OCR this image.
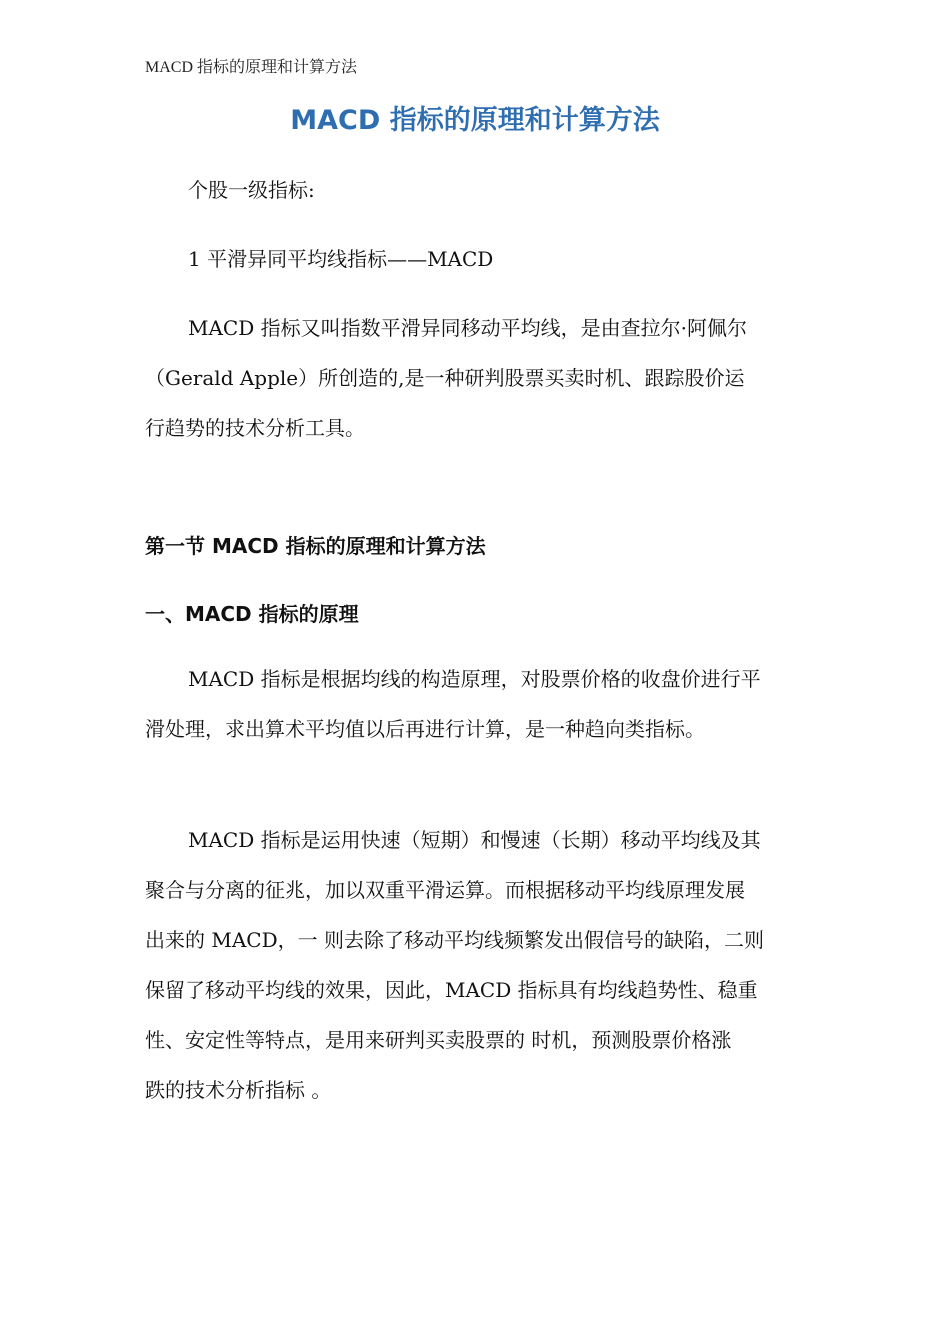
MACD 指标的原理和计算方法
MACD 指标的原理和计算方法

个股一级指标:

1 平滑异同平均线指标——MACD

MACD 指标又叫指数平滑异同移动平均线，是由查拉尔·阿佩尔
（Gerald Apple）所创造的,是一种研判股票买卖时机、跟踪股价运
行趋势的技术分析工具。

第一节 MACD 指标的原理和计算方法
一、MACD 指标的原理

MACD 指标是根据均线的构造原理，对股票价格的收盘价进行平
滑处理，求出算术平均值以后再进行计算，是一种趋向类指标。

MACD 指标是运用快速（短期）和慢速（长期）移动平均线及其
聚合与分离的征兆，加以双重平滑运算。而根据移动平均线原理发展
出来的 MACD，一 则去除了移动平均线频繁发出假信号的缺陷，二则
保留了移动平均线的效果，因此，MACD 指标具有均线趋势性、稳重
性、安定性等特点，是用来研判买卖股票的 时机，预测股票价格涨
跌的技术分析指标 。
